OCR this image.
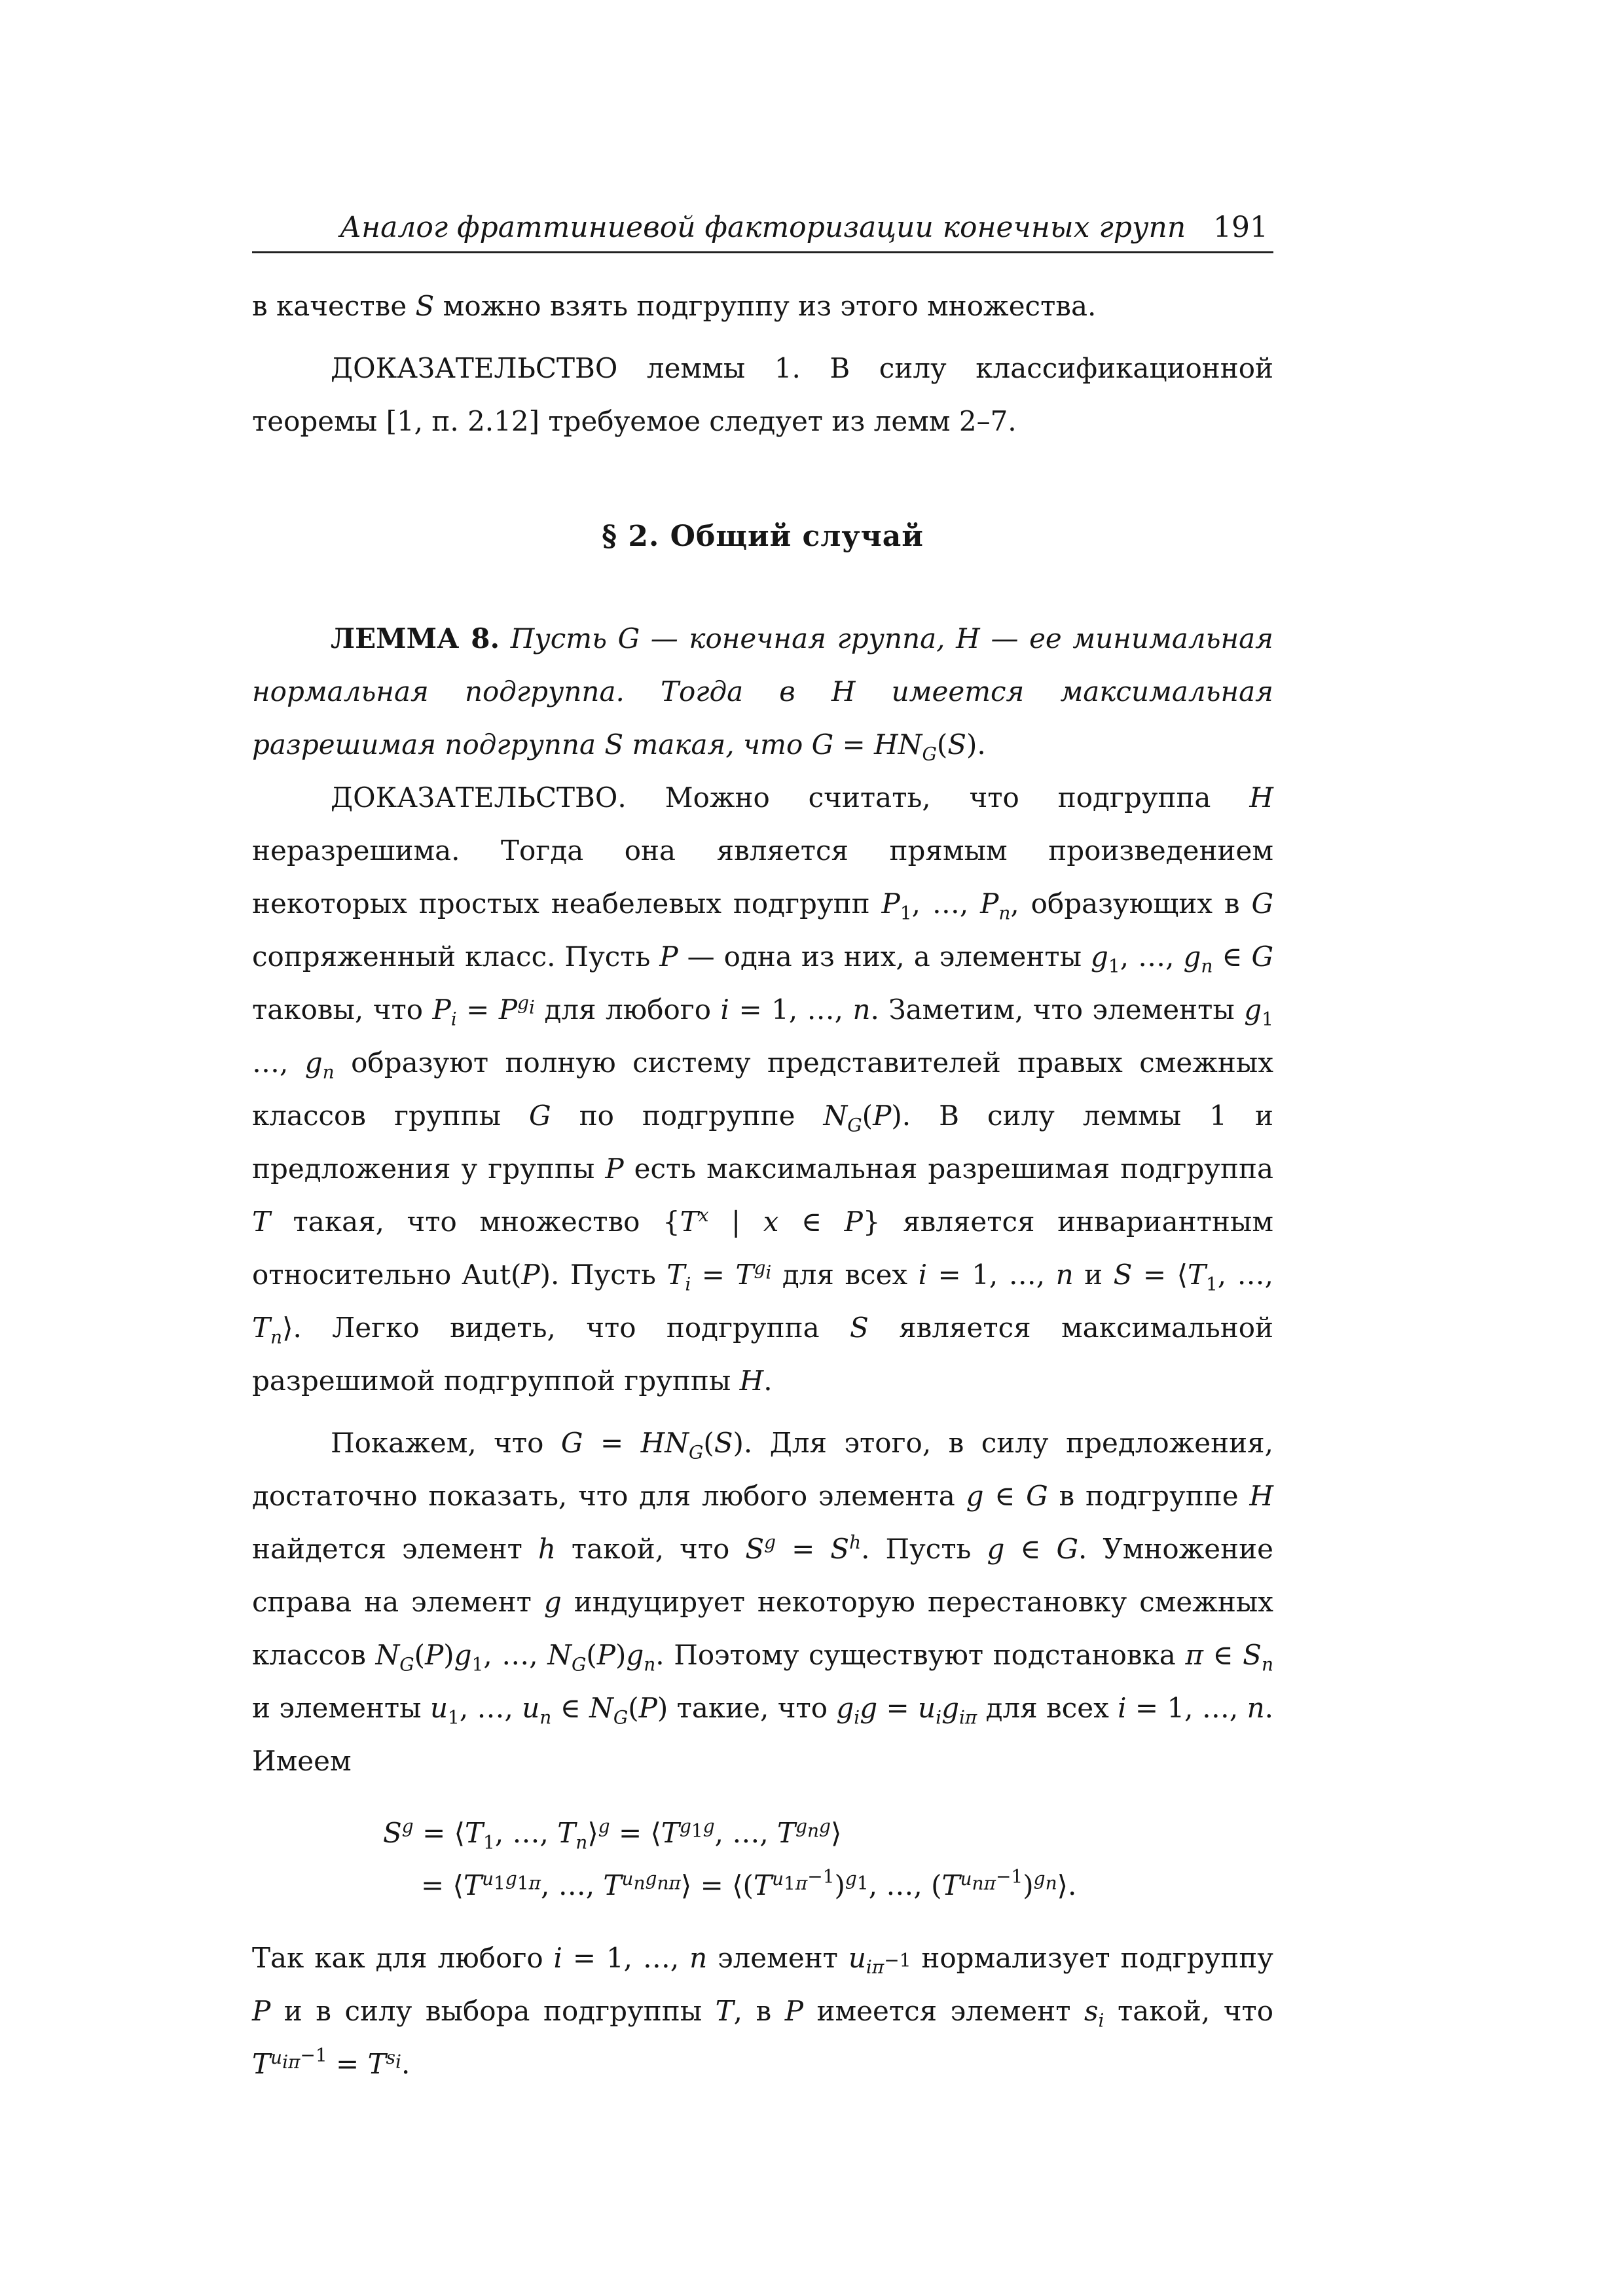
Аналог фраттиниевой факторизации конечных групп 191

в качестве S можно взять подгруппу из этого множества.

ДОКАЗАТЕЛЬСТВО леммы 1. В силу классификационной теоремы [1, п. 2.12] требуемое следует из лемм 2–7.

§ 2. Общий случай

ЛЕММА 8. Пусть G — конечная группа, H — ее минимальная нормальная подгруппа. Тогда в H имеется максимальная разрешимая подгруппа S такая, что $G = HN_G(S)$.

ДОКАЗАТЕЛЬСТВО. Можно считать, что подгруппа H неразрешима. Тогда она является прямым произведением некоторых простых неабелевых подгрупп $P_1$, …, $P_n$, образующих в G сопряженный класс. Пусть P — одна из них, а элементы $g_1$, …, $g_n$ ∈ G таковы, что $P_i = P^{g_i}$ для любого i = 1, …, n. Заметим, что элементы $g_1$ …, $g_n$ образуют полную систему представителей правых смежных классов группы G по подгруппе $N_G(P)$. В силу леммы 1 и предложения у группы P есть максимальная разрешимая подгруппа T такая, что множество {$T^x$ | x ∈ P} является инвариантным относительно Aut(P). Пусть $T_i = T^{g_i}$ для всех i = 1, …, n и $S = ⟨T_1$, …, $T_n⟩$. Легко видеть, что подгруппа S является максимальной разрешимой подгруппой группы H.

Покажем, что $G = HN_G(S)$. Для этого, в силу предложения, достаточно показать, что для любого элемента g ∈ G в подгруппе H найдется элемент h такой, что $S^g = S^h$. Пусть g ∈ G. Умножение справа на элемент g индуцирует некоторую перестановку смежных классов $N_G(P)g_1$, …, $N_G(P)g_n$. Поэтому существуют подстановка π ∈ $S_n$ и элементы $u_1$, …, $u_n$ ∈ $N_G(P)$ такие, что $g_ig = u_ig_{i\pi}$ для всех i = 1, …, n. Имеем

$S^g$ = $⟨T_1$, …, $T_n⟩^g$ = $⟨T^{g_1g}$, …, $T^{g_ng}⟩$
= $⟨T^{u_1g_{1\pi}}$, …, $T^{u_ng_{n\pi}}⟩$ = $⟨(T^{u_{1\pi^{-1}}})^{g_1}$, …, $(T^{u_{n\pi^{-1}}})^{g_n}⟩$.

Так как для любого i = 1, …, n элемент $u_{i\pi^{-1}}$ нормализует подгруппу P и в силу выбора подгруппы T, в P имеется элемент $s_i$ такой, что $T^{u_{i\pi^{-1}}} = T^{s_i}$.
